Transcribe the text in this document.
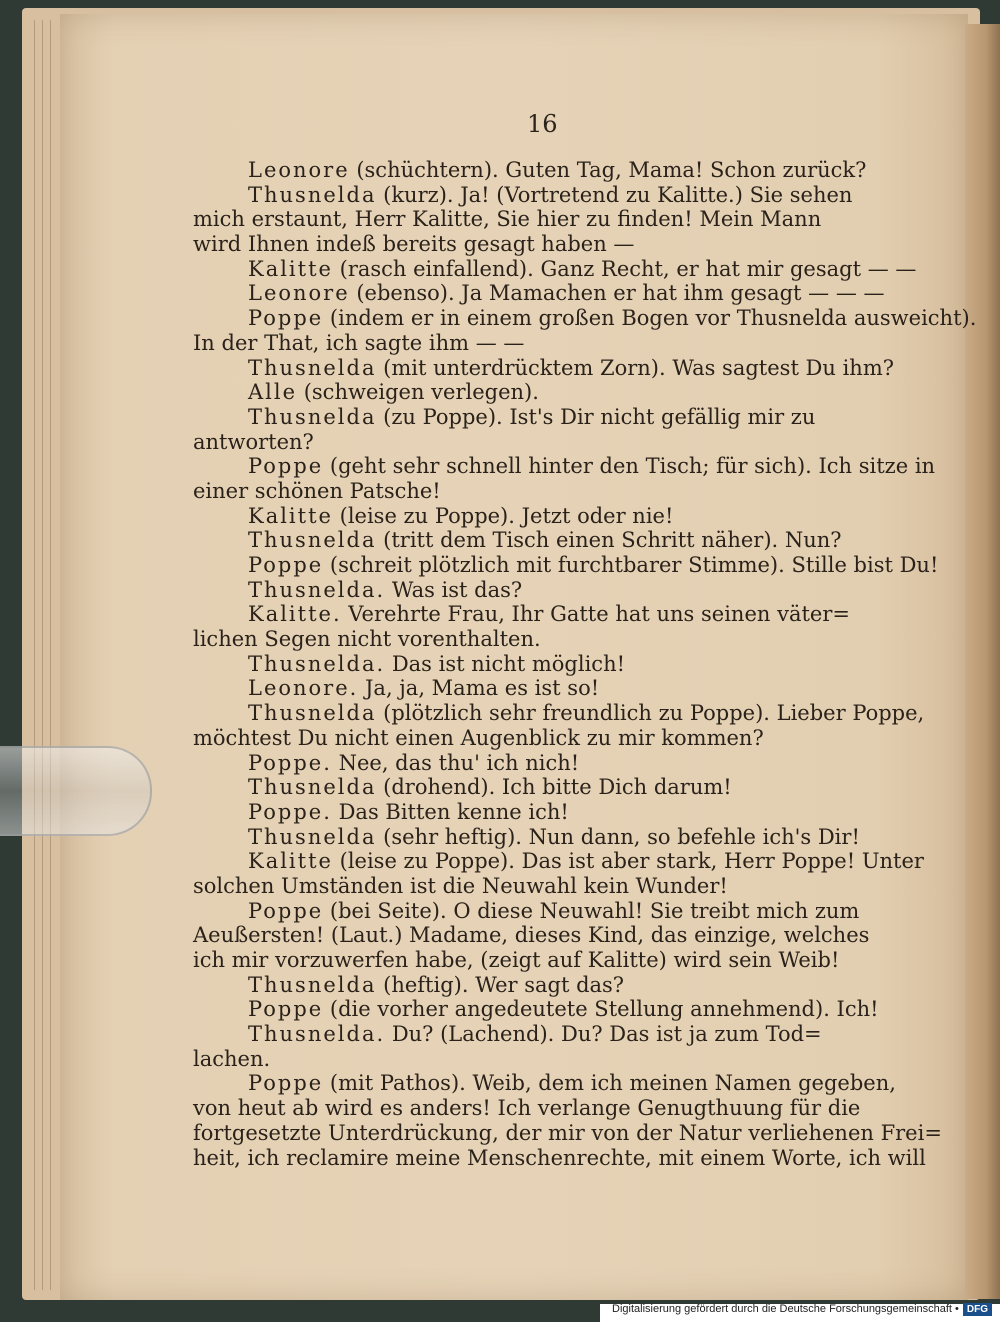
16
Leonore (schüchtern). Guten Tag, Mama! Schon zurück?
Thusnelda (kurz). Ja! (Vortretend zu Kalitte.) Sie sehen
mich erstaunt, Herr Kalitte, Sie hier zu finden! Mein Mann
wird Ihnen indeß bereits gesagt haben —
Kalitte (rasch einfallend). Ganz Recht, er hat mir gesagt — —
Leonore (ebenso). Ja Mamachen er hat ihm gesagt — — —
Poppe (indem er in einem großen Bogen vor Thusnelda ausweicht).
In der That, ich sagte ihm — —
Thusnelda (mit unterdrücktem Zorn). Was sagtest Du ihm?
Alle (schweigen verlegen).
Thusnelda (zu Poppe). Ist's Dir nicht gefällig mir zu
antworten?
Poppe (geht sehr schnell hinter den Tisch; für sich). Ich sitze in
einer schönen Patsche!
Kalitte (leise zu Poppe). Jetzt oder nie!
Thusnelda (tritt dem Tisch einen Schritt näher). Nun?
Poppe (schreit plötzlich mit furchtbarer Stimme). Stille bist Du!
Thusnelda. Was ist das?
Kalitte. Verehrte Frau, Ihr Gatte hat uns seinen väter=
lichen Segen nicht vorenthalten.
Thusnelda. Das ist nicht möglich!
Leonore. Ja, ja, Mama es ist so!
Thusnelda (plötzlich sehr freundlich zu Poppe). Lieber Poppe,
möchtest Du nicht einen Augenblick zu mir kommen?
Poppe. Nee, das thu' ich nich!
Thusnelda (drohend). Ich bitte Dich darum!
Poppe. Das Bitten kenne ich!
Thusnelda (sehr heftig). Nun dann, so befehle ich's Dir!
Kalitte (leise zu Poppe). Das ist aber stark, Herr Poppe! Unter
solchen Umständen ist die Neuwahl kein Wunder!
Poppe (bei Seite). O diese Neuwahl! Sie treibt mich zum
Aeußersten! (Laut.) Madame, dieses Kind, das einzige, welches
ich mir vorzuwerfen habe, (zeigt auf Kalitte) wird sein Weib!
Thusnelda (heftig). Wer sagt das?
Poppe (die vorher angedeutete Stellung annehmend). Ich!
Thusnelda. Du? (Lachend). Du? Das ist ja zum Tod=
lachen.
Poppe (mit Pathos). Weib, dem ich meinen Namen gegeben,
von heut ab wird es anders! Ich verlange Genugthuung für die
fortgesetzte Unterdrückung, der mir von der Natur verliehenen Frei=
heit, ich reclamire meine Menschenrechte, mit einem Worte, ich will
Digitalisierung gefördert durch die Deutsche Forschungsgemeinschaft • DFG
